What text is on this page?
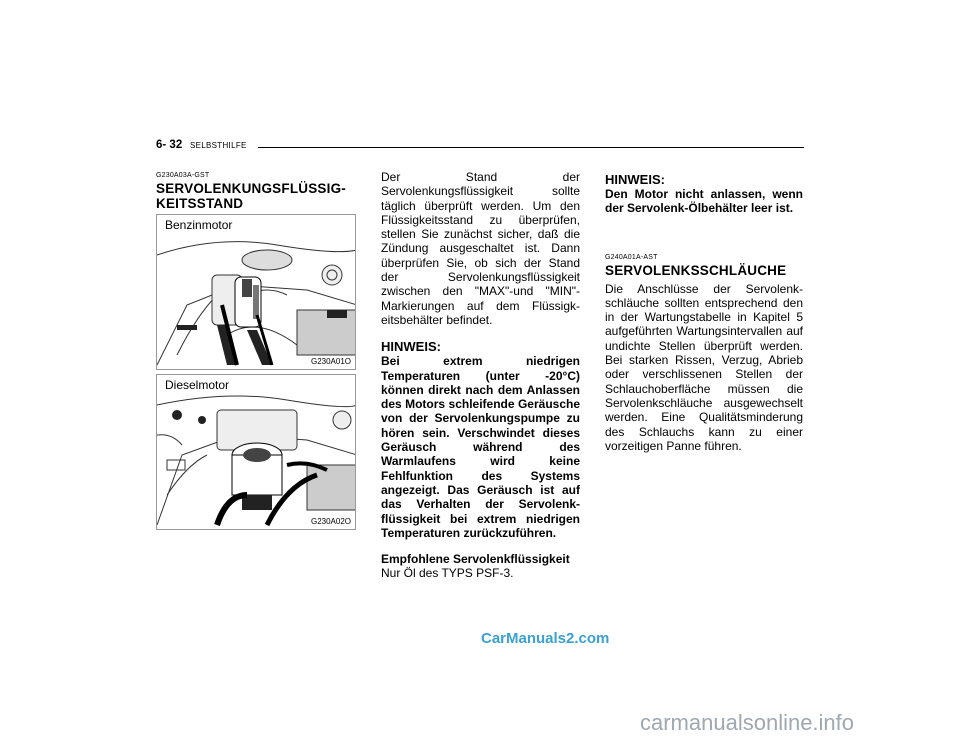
6- 32 SELBSTHILFE
G230A03A-GST
SERVOLENKUNGSFLÜSSIG-KEITSSTAND
Benzinmotor
G230A01O
Dieselmotor
G230A02O

Der Stand der Servolenkungsflüssigkeit sollte täglich überprüft werden. Um den Flüssigkeitsstand zu überprüfen, stellen Sie zunächst sicher, daß die Zündung ausgeschaltet ist. Dann überprüfen Sie, ob sich der Stand der Servolenkungsflüssigkeit zwischen den "MAX"-und "MIN"-Markierungen auf dem Flüssigk-eitsbehälter befindet.

HINWEIS:

Bei extrem niedrigen Temperaturen (unter -20°C) können direkt nach dem Anlassen des Motors schleifende Geräusche von der Servolenkungspumpe zu hören sein. Verschwindet dieses Geräusch während des Warmlaufens wird keine Fehlfunktion des Systems angezeigt. Das Geräusch ist auf das Verhalten der Servolenk-flüssigkeit bei extrem niedrigen Temperaturen zurückzuführen.

Empfohlene Servolenkflüssigkeit
Nur Öl des TYPS PSF-3.
HINWEIS:

Den Motor nicht anlassen, wenn der Servolenk-Ölbehälter leer ist.

G240A01A-AST
SERVOLENKSSCHLÄUCHE

Die Anschlüsse der Servolenk-schläuche sollten entsprechend den in der Wartungstabelle in Kapitel 5 aufgeführten Wartungsintervallen auf undichte Stellen überprüft werden. Bei starken Rissen, Verzug, Abrieb oder verschlissenen Stellen der Schlauchoberfläche müssen die Servolenkschläuche ausgewechselt werden. Eine Qualitätsminderung des Schlauchs kann zu einer vorzeitigen Panne führen.

CarManuals2.com
carmanualsonline.info
